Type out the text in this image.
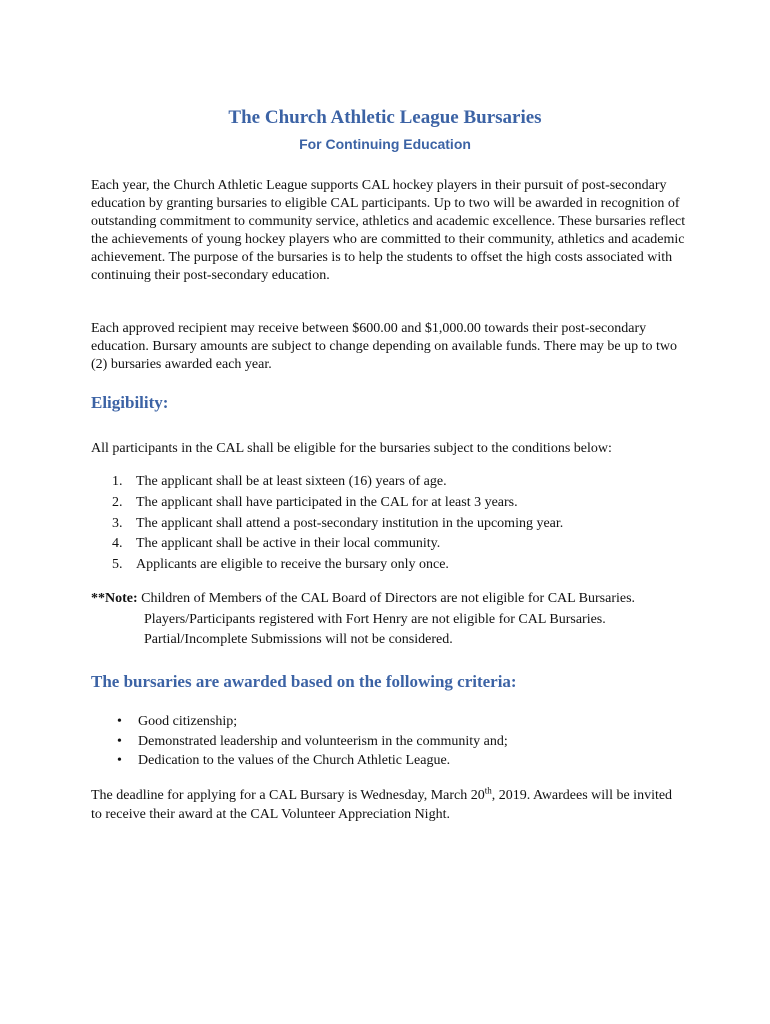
The Church Athletic League Bursaries
For Continuing Education

Each year, the Church Athletic League supports CAL hockey players in their pursuit of post-secondary education by granting bursaries to eligible CAL participants. Up to two will be awarded in recognition of outstanding commitment to community service, athletics and academic excellence. These bursaries reflect the achievements of young hockey players who are committed to their community, athletics and academic achievement. The purpose of the bursaries is to help the students to offset the high costs associated with continuing their post-secondary education.

Each approved recipient may receive between $600.00 and $1,000.00 towards their post-secondary education. Bursary amounts are subject to change depending on available funds. There may be up to two (2) bursaries awarded each year.

Eligibility:

All participants in the CAL shall be eligible for the bursaries subject to the conditions below:

1. The applicant shall be at least sixteen (16) years of age.
2. The applicant shall have participated in the CAL for at least 3 years.
3. The applicant shall attend a post-secondary institution in the upcoming year.
4. The applicant shall be active in their local community.
5. Applicants are eligible to receive the bursary only once.
**Note: Children of Members of the CAL Board of Directors are not eligible for CAL Bursaries.
Players/Participants registered with Fort Henry are not eligible for CAL Bursaries.
Partial/Incomplete Submissions will not be considered.
The bursaries are awarded based on the following criteria:
• Good citizenship;
• Demonstrated leadership and volunteerism in the community and;
• Dedication to the values of the Church Athletic League.

The deadline for applying for a CAL Bursary is Wednesday, March 20th, 2019. Awardees will be invited to receive their award at the CAL Volunteer Appreciation Night.
